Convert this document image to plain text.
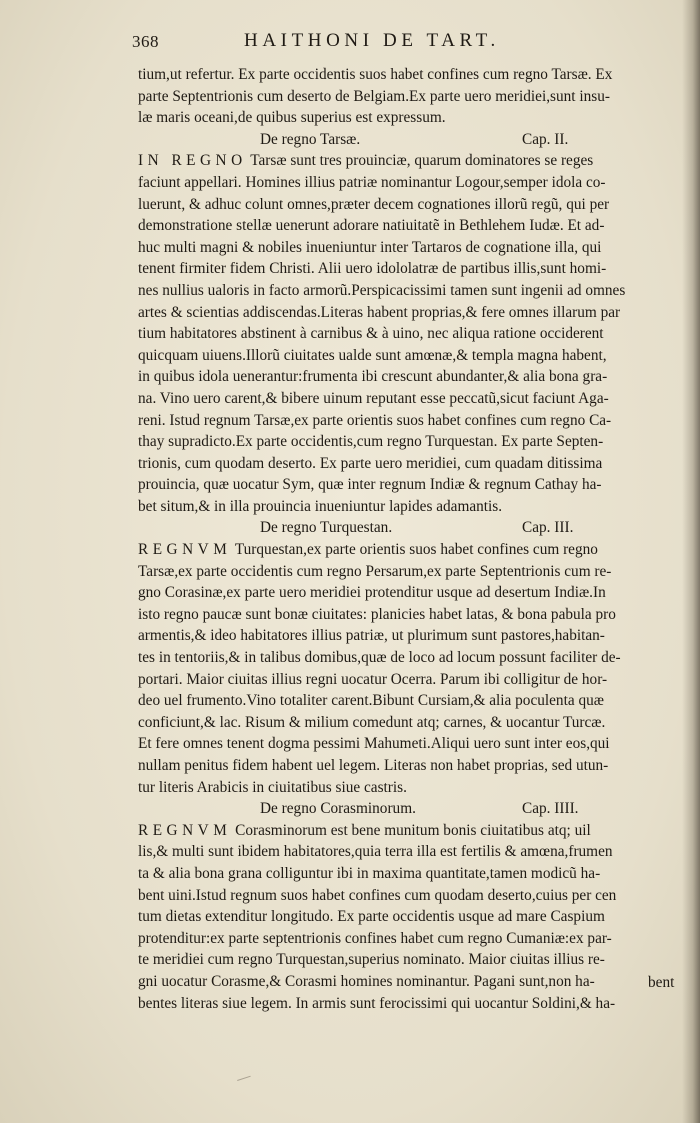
368	HAITHONI DE TART.
tium,ut refertur. Ex parte occidentis suos habet confines cum regno Tarsæ. Ex
parte Septentrionis cum deserto de Belgiam.Ex parte uero meridiei,sunt insu-
læ maris oceani,de quibus superius est expressum.
De regno Tarsæ.	Cap. II.
IN REGNO Tarsæ sunt tres prouinciæ, quarum dominatores se reges
faciunt appellari. Homines illius patriæ nominantur Logour,semper idola co-
luerunt, & adhuc colunt omnes,præter decem cognationes illorũ regũ, qui per
demonstratione stellæ uenerunt adorare natiuitatẽ in Bethlehem Iudæ. Et ad-
huc multi magni & nobiles inueniuntur inter Tartaros de cognatione illa, qui
tenent firmiter fidem Christi. Alii uero idololatræ de partibus illis,sunt homi-
nes nullius ualoris in facto armorũ.Perspicacissimi tamen sunt ingenii ad omnes
artes & scientias addiscendas.Literas habent proprias,& fere omnes illarum par
tium habitatores abstinent à carnibus & à uino, nec aliqua ratione occiderent
quicquam uiuens.Illorũ ciuitates ualde sunt amœnæ,& templa magna habent,
in quibus idola uenerantur:frumenta ibi crescunt abundanter,& alia bona gra-
na. Vino uero carent,& bibere uinum reputant esse peccatũ,sicut faciunt Aga-
reni. Istud regnum Tarsæ,ex parte orientis suos habet confines cum regno Ca-
thay supradicto.Ex parte occidentis,cum regno Turquestan. Ex parte Septen-
trionis, cum quodam deserto. Ex parte uero meridiei, cum quadam ditissima
prouincia, quæ uocatur Sym, quæ inter regnum Indiæ & regnum Cathay ha-
bet situm,& in illa prouincia inueniuntur lapides adamantis.
De regno Turquestan.	Cap. III.
REGNVM Turquestan,ex parte orientis suos habet confines cum regno
Tarsæ,ex parte occidentis cum regno Persarum,ex parte Septentrionis cum re-
gno Corasinæ,ex parte uero meridiei protenditur usque ad desertum Indiæ.In
isto regno paucæ sunt bonæ ciuitates: planicies habet latas, & bona pabula pro
armentis,& ideo habitatores illius patriæ, ut plurimum sunt pastores,habitan-
tes in tentoriis,& in talibus domibus,quæ de loco ad locum possunt faciliter de-
portari. Maior ciuitas illius regni uocatur Ocerra. Parum ibi colligitur de hor-
deo uel frumento.Vino totaliter carent.Bibunt Cursiam,& alia poculenta quæ
conficiunt,& lac. Risum & milium comedunt atq; carnes, & uocantur Turcæ.
Et fere omnes tenent dogma pessimi Mahumeti.Aliqui uero sunt inter eos,qui
nullam penitus fidem habent uel legem. Literas non habet proprias, sed utun-
tur literis Arabicis in ciuitatibus siue castris.
De regno Corasminorum.	Cap. IIII.
REGNVM Corasminorum est bene munitum bonis ciuitatibus atq; uil
lis,& multi sunt ibidem habitatores,quia terra illa est fertilis & amœna,frumen
ta & alia bona grana colliguntur ibi in maxima quantitate,tamen modicũ ha-
bent uini.Istud regnum suos habet confines cum quodam deserto,cuius per cen
tum dietas extenditur longitudo. Ex parte occidentis usque ad mare Caspium
protenditur:ex parte septentrionis confines habet cum regno Cumaniæ:ex par-
te meridiei cum regno Turquestan,superius nominato. Maior ciuitas illius re-
gni uocatur Corasme,& Corasmi homines nominantur. Pagani sunt,non ha-
bentes literas siue legem. In armis sunt ferocissimi qui uocantur Soldini,& ha-
bent
